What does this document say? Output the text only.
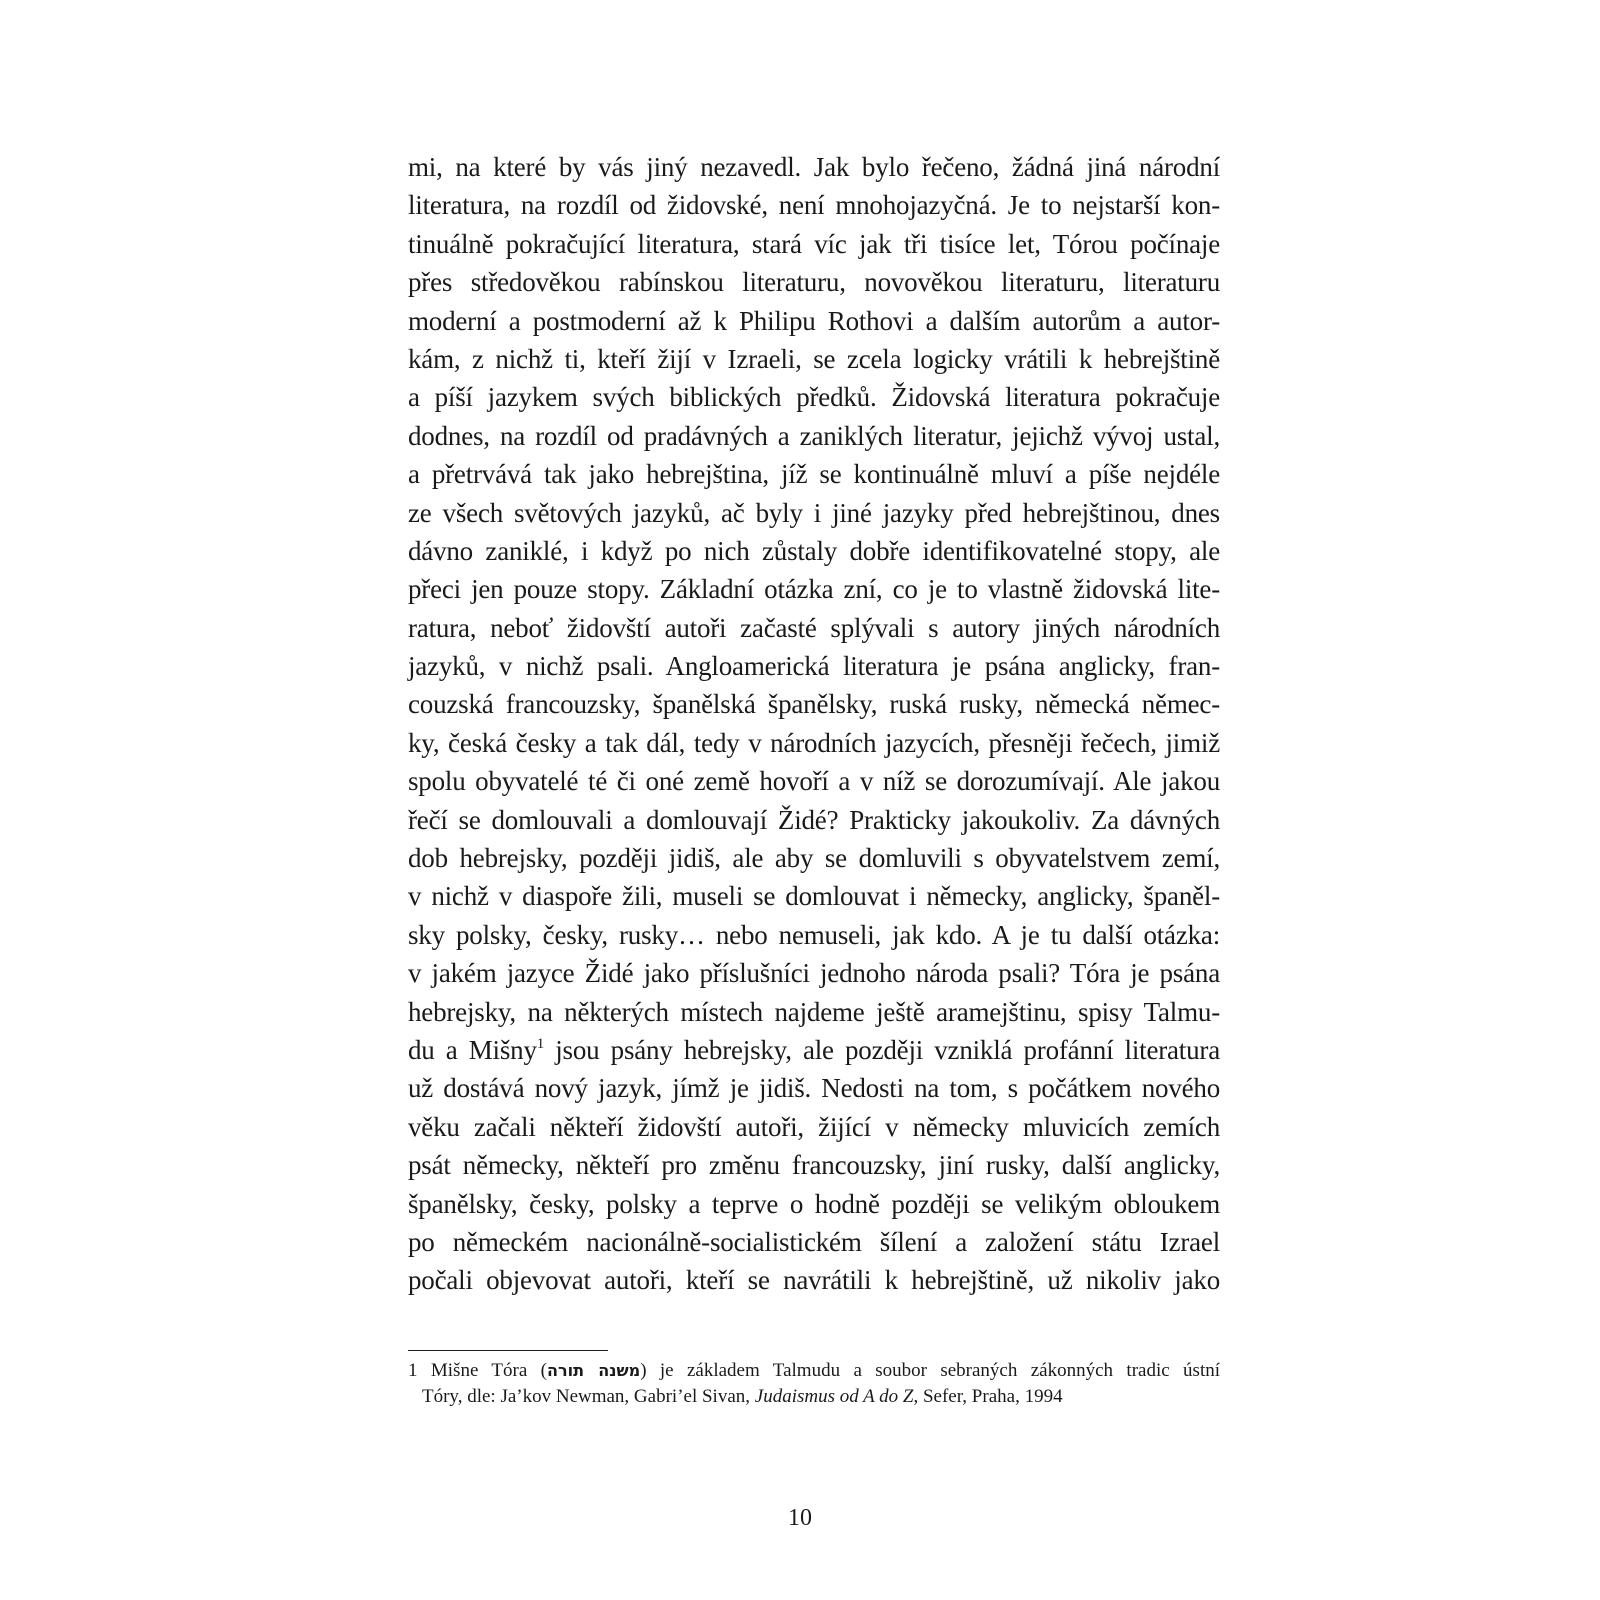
mi, na které by vás jiný nezavedl. Jak bylo řečeno, žádná jiná národní
literatura, na rozdíl od židovské, není mnohojazyčná. Je to nejstarší kon-
tinuálně pokračující literatura, stará víc jak tři tisíce let, Tórou počínaje
přes středověkou rabínskou literaturu, novověkou literaturu, literaturu
moderní a postmoderní až k Philipu Rothovi a dalším autorům a autor-
kám, z nichž ti, kteří žijí v Izraeli, se zcela logicky vrátili k hebrejštině
a píší jazykem svých biblických předků. Židovská literatura pokračuje
dodnes, na rozdíl od pradávných a zaniklých literatur, jejichž vývoj ustal,
a přetrvává tak jako hebrejština, jíž se kontinuálně mluví a píše nejdéle
ze všech světových jazyků, ač byly i jiné jazyky před hebrejštinou, dnes
dávno zaniklé, i když po nich zůstaly dobře identifikovatelné stopy, ale
přeci jen pouze stopy. Základní otázka zní, co je to vlastně židovská lite-
ratura, neboť židovští autoři začasté splývali s autory jiných národních
jazyků, v nichž psali. Angloamerická literatura je psána anglicky, fran-
couzská francouzsky, španělská španělsky, ruská rusky, německá němec-
ky, česká česky a tak dál, tedy v národních jazycích, přesněji řečech, jimiž
spolu obyvatelé té či oné země hovoří a v níž se dorozumívají. Ale jakou
řečí se domlouvali a domlouvají Židé? Prakticky jakoukoliv. Za dávných
dob hebrejsky, později jidiš, ale aby se domluvili s obyvatelstvem zemí,
v nichž v diaspoře žili, museli se domlouvat i německy, anglicky, španěl-
sky polsky, česky, rusky… nebo nemuseli, jak kdo. A je tu další otázka:
v jakém jazyce Židé jako příslušníci jednoho národa psali? Tóra je psána
hebrejsky, na některých místech najdeme ještě aramejštinu, spisy Talmu-
du a Mišny$^1$ jsou psány hebrejsky, ale později vzniklá profánní literatura
už dostává nový jazyk, jímž je jidiš. Nedosti na tom, s počátkem nového
věku začali někteří židovští autoři, žijící v německy mluvicích zemích
psát německy, někteří pro změnu francouzsky, jiní rusky, další anglicky,
španělsky, česky, polsky a teprve o hodně později se velikým obloukem
po německém nacionálně-socialistickém šílení a založení státu Izrael
počali objevovat autoři, kteří se navrátili k hebrejštině, už nikoliv jako
1 Mišne Tóra (משנה תורה) je základem Talmudu a soubor sebraných zákonných tradic ústní
Tóry, dle: Ja’kov Newman, Gabri’el Sivan, Judaismus od A do Z, Sefer, Praha, 1994
10
